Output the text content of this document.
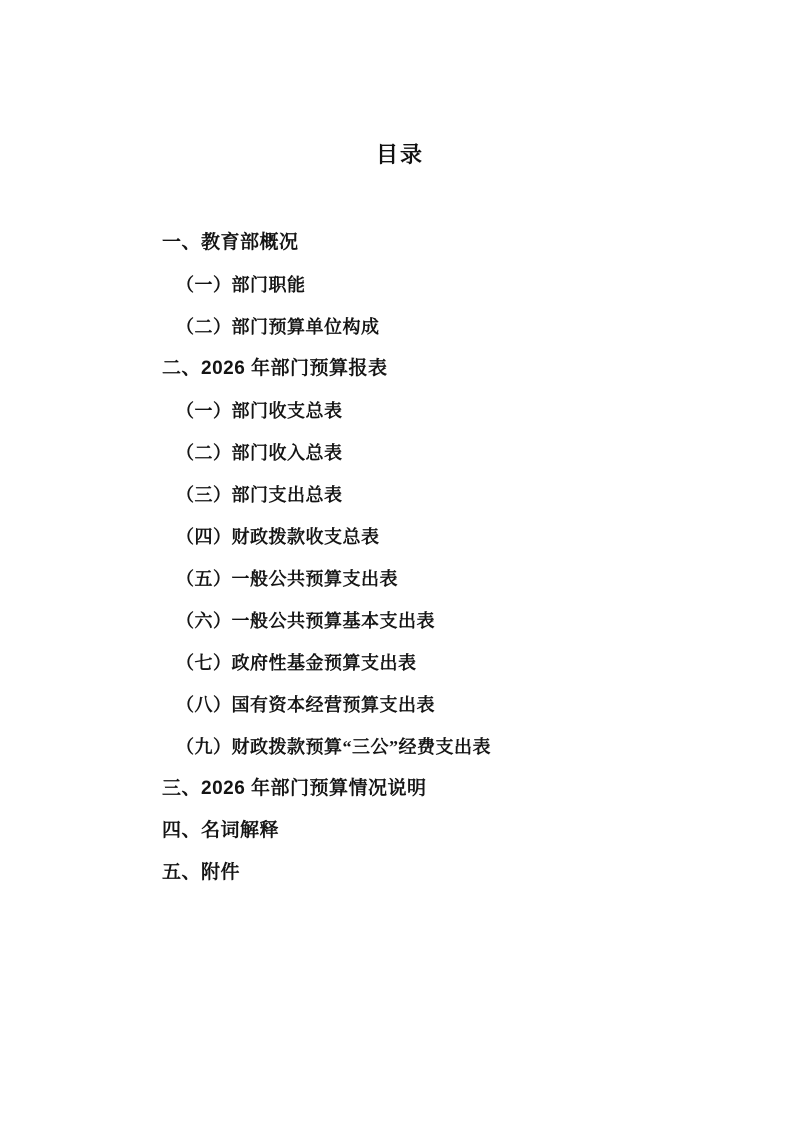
目录
一、教育部概况
（一）部门职能
（二）部门预算单位构成
二、2026 年部门预算报表
（一）部门收支总表
（二）部门收入总表
（三）部门支出总表
（四）财政拨款收支总表
（五）一般公共预算支出表
（六）一般公共预算基本支出表
（七）政府性基金预算支出表
（八）国有资本经营预算支出表
（九）财政拨款预算“三公”经费支出表
三、2026 年部门预算情况说明
四、名词解释
五、附件
